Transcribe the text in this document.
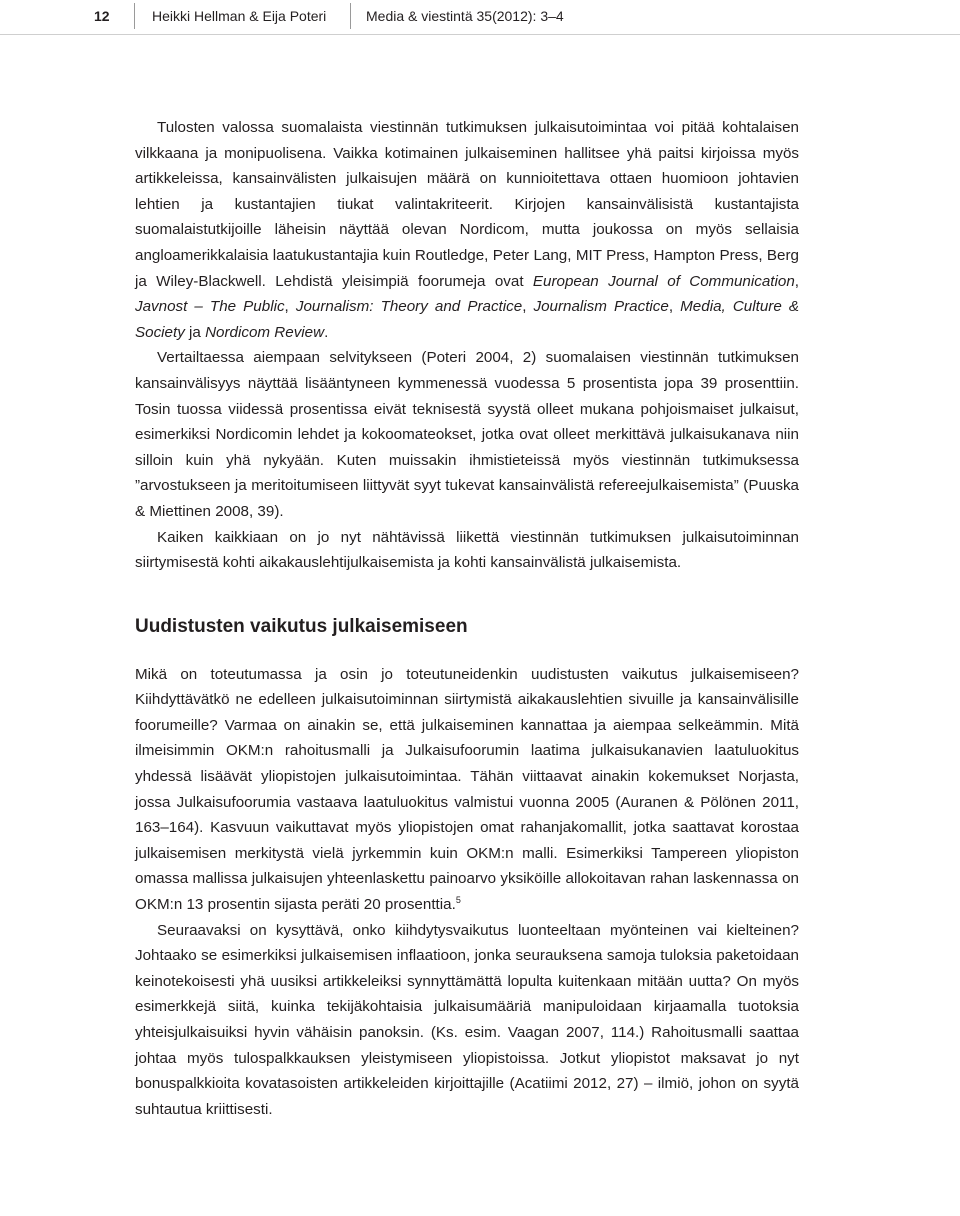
12	Heikki Hellman & Eija Poteri	Media & viestintä 35(2012): 3–4

Tulosten valossa suomalaista viestinnän tutkimuksen julkaisutoimintaa voi pitää kohtalaisen vilkkaana ja monipuolisena. Vaikka kotimainen julkaiseminen hallitsee yhä paitsi kirjoissa myös artikkeleissa, kansainvälisten julkaisujen määrä on kunnioitettava ottaen huomioon johtavien lehtien ja kustantajien tiukat valintakriteerit. Kirjojen kansainvälisistä kustantajista suomalaistutkijoille läheisin näyttää olevan Nordicom, mutta joukossa on myös sellaisia angloamerikkalaisia laatukustantajia kuin Routledge, Peter Lang, MIT Press, Hampton Press, Berg ja Wiley-Blackwell. Lehdistä yleisimpiä foorumeja ovat European Journal of Communication, Javnost – The Public, Journalism: Theory and Practice, Journalism Practice, Media, Culture & Society ja Nordicom Review.

Vertailtaessa aiempaan selvitykseen (Poteri 2004, 2) suomalaisen viestinnän tutkimuksen kansainvälisyys näyttää lisääntyneen kymmenessä vuodessa 5 prosentista jopa 39 prosenttiin. Tosin tuossa viidessä prosentissa eivät teknisestä syystä olleet mukana pohjoismaiset julkaisut, esimerkiksi Nordicomin lehdet ja kokoomateokset, jotka ovat olleet merkittävä julkaisukanava niin silloin kuin yhä nykyään. Kuten muissakin ihmistieteissä myös viestinnän tutkimuksessa ”arvostukseen ja meritoitumiseen liittyvät syyt tukevat kansainvälistä refereejulkaisemista” (Puuska & Miettinen 2008, 39).

Kaiken kaikkiaan on jo nyt nähtävissä liikettä viestinnän tutkimuksen julkaisutoiminnan siirtymisestä kohti aikakauslehtijulkaisemista ja kohti kansainvälistä julkaisemista.

Uudistusten vaikutus julkaisemiseen

Mikä on toteutumassa ja osin jo toteutuneidenkin uudistusten vaikutus julkaisemiseen? Kiihdyttävätkö ne edelleen julkaisutoiminnan siirtymistä aikakauslehtien sivuille ja kansainvälisille foorumeille? Varmaa on ainakin se, että julkaiseminen kannattaa ja aiempaa selkeämmin. Mitä ilmeisimmin OKM:n rahoitusmalli ja Julkaisufoorumin laatima julkaisukanavien laatuluokitus yhdessä lisäävät yliopistojen julkaisutoimintaa. Tähän viittaavat ainakin kokemukset Norjasta, jossa Julkaisufoorumia vastaava laatuluokitus valmistui vuonna 2005 (Auranen & Pölönen 2011, 163–164). Kasvuun vaikuttavat myös yliopistojen omat rahanjakomallit, jotka saattavat korostaa julkaisemisen merkitystä vielä jyrkemmin kuin OKM:n malli. Esimerkiksi Tampereen yliopiston omassa mallissa julkaisujen yhteenlaskettu painoarvo yksiköille allokoitavan rahan laskennassa on OKM:n 13 prosentin sijasta peräti 20 prosenttia.$^5$

Seuraavaksi on kysyttävä, onko kiihdytysvaikutus luonteeltaan myönteinen vai kielteinen? Johtaako se esimerkiksi julkaisemisen inflaatioon, jonka seurauksena samoja tuloksia paketoidaan keinotekoisesti yhä uusiksi artikkeleiksi synnyttämättä lopulta kuitenkaan mitään uutta? On myös esimerkkejä siitä, kuinka tekijäkohtaisia julkaisumääriä manipuloidaan kirjaamalla tuotoksia yhteisjulkaisuiksi hyvin vähäisin panoksin. (Ks. esim. Vaagan 2007, 114.) Rahoitusmalli saattaa johtaa myös tulospalkkauksen yleistymiseen yliopistoissa. Jotkut yliopistot maksavat jo nyt bonuspalkkioita kovatasoisten artikkeleiden kirjoittajille (Acatiimi 2012, 27) – ilmiö, johon on syytä suhtautua kriittisesti.
